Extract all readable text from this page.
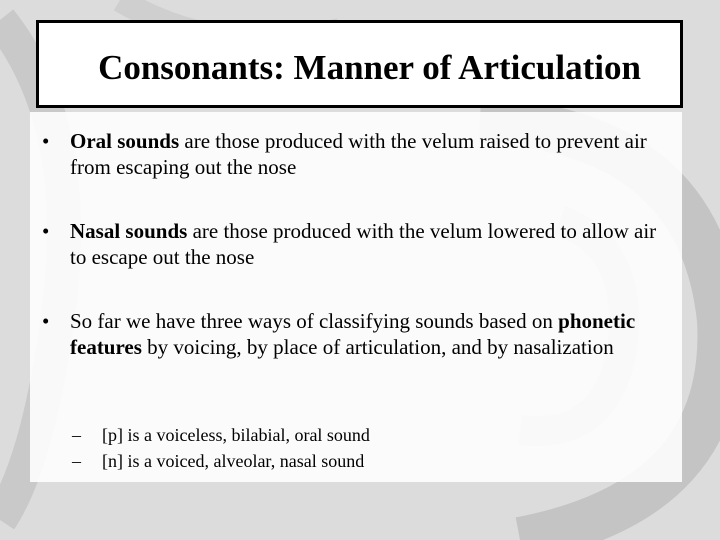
Consonants: Manner of Articulation
• Oral sounds are those produced with the velum raised to prevent air from escaping out the nose
• Nasal sounds are those produced with the velum lowered to allow air to escape out the nose
• So far we have three ways of classifying sounds based on phonetic features by voicing, by place of articulation, and by nasalization
– [p] is a voiceless, bilabial, oral sound
– [n] is a voiced, alveolar, nasal sound
